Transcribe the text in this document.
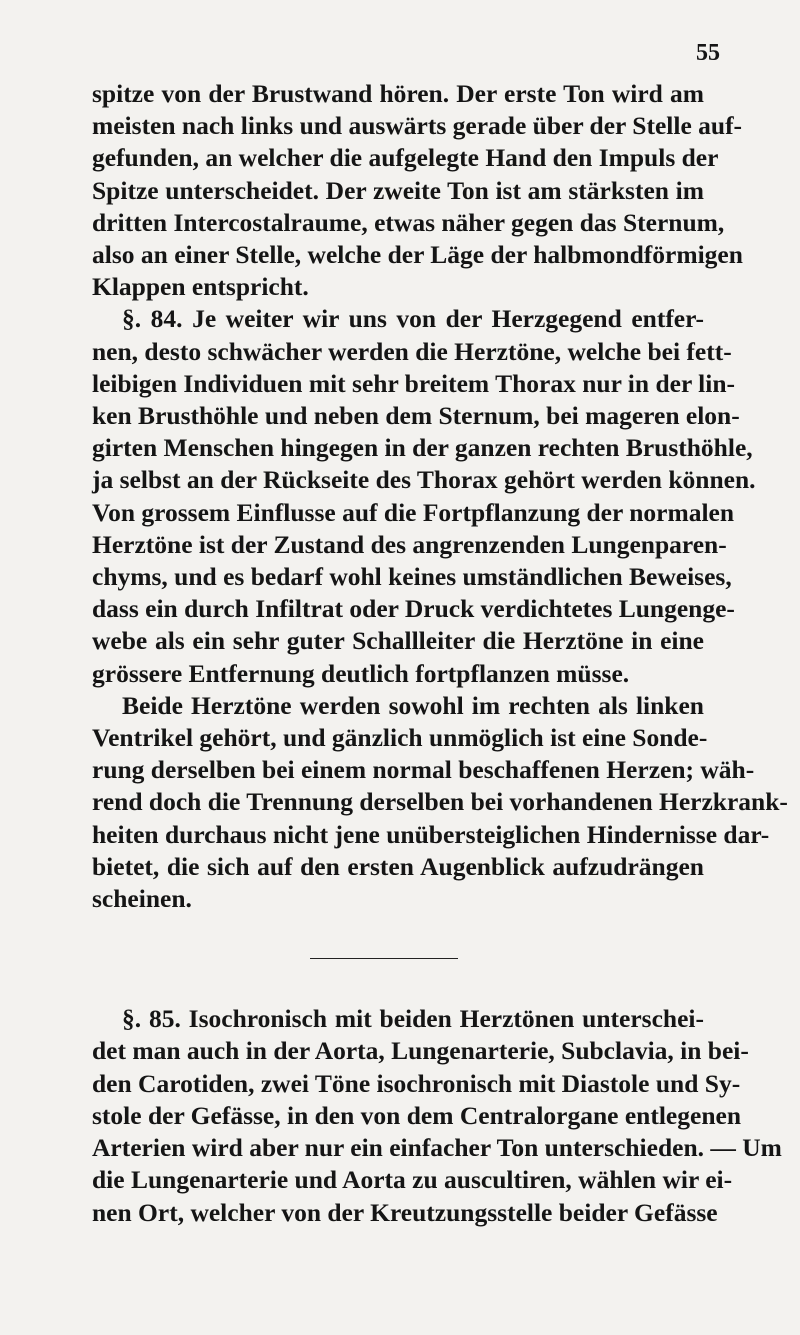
55
spitze von der Brustwand hören. Der erste Ton wird am
meisten nach links und auswärts gerade über der Stelle auf-
gefunden, an welcher die aufgelegte Hand den Impuls der
Spitze unterscheidet. Der zweite Ton ist am stärksten im
dritten Intercostalraume, etwas näher gegen das Sternum,
also an einer Stelle, welche der Läge der halbmondförmigen
Klappen entspricht.
§. 84. Je weiter wir uns von der Herzgegend entfer-
nen, desto schwächer werden die Herztöne, welche bei fett-
leibigen Individuen mit sehr breitem Thorax nur in der lin-
ken Brusthöhle und neben dem Sternum, bei mageren elon-
girten Menschen hingegen in der ganzen rechten Brusthöhle,
ja selbst an der Rückseite des Thorax gehört werden können.
Von grossem Einflusse auf die Fortpflanzung der normalen
Herztöne ist der Zustand des angrenzenden Lungenparen-
chyms, und es bedarf wohl keines umständlichen Beweises,
dass ein durch Infiltrat oder Druck verdichtetes Lungenge-
webe als ein sehr guter Schallleiter die Herztöne in eine
grössere Entfernung deutlich fortpflanzen müsse.
Beide Herztöne werden sowohl im rechten als linken
Ventrikel gehört, und gänzlich unmöglich ist eine Sonde-
rung derselben bei einem normal beschaffenen Herzen; wäh-
rend doch die Trennung derselben bei vorhandenen Herzkrank-
heiten durchaus nicht jene unübersteiglichen Hindernisse dar-
bietet, die sich auf den ersten Augenblick aufzudrängen
scheinen.
§. 85. Isochronisch mit beiden Herztönen unterschei-
det man auch in der Aorta, Lungenarterie, Subclavia, in bei-
den Carotiden, zwei Töne isochronisch mit Diastole und Sy-
stole der Gefässe, in den von dem Centralorgane entlegenen
Arterien wird aber nur ein einfacher Ton unterschieden. — Um
die Lungenarterie und Aorta zu auscultiren, wählen wir ei-
nen Ort, welcher von der Kreutzungsstelle beider Gefässe
